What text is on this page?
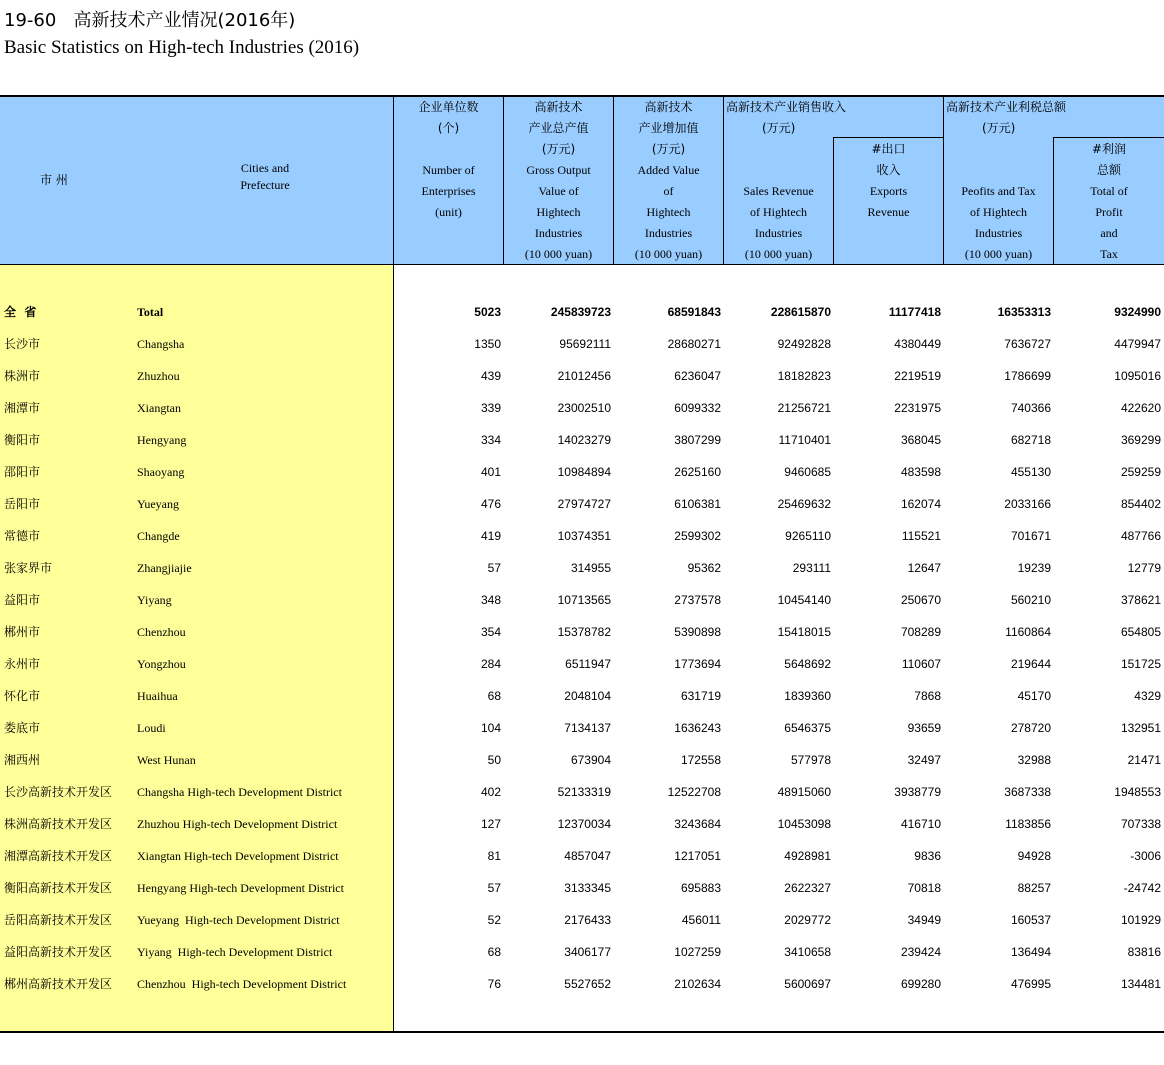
19-60   高新技术产业情况(2016年)
Basic Statistics on High-tech Industries (2016)
市 州
Cities and
Prefecture
企业单位数
(个)

Number of
Enterprises
(unit)
高新技术
产业总产值
(万元)
Gross Output
Value of
Hightech
Industries
(10 000 yuan)
高新技术
产业增加值
(万元)
Added Value
of
Hightech
Industries
(10 000 yuan)
高新技术产业销售收入
(万元)
Sales Revenue
of Hightech
Industries
(10 000 yuan)
#出口
收入
Exports
Revenue
高新技术产业利税总额
(万元)
Peofits and Tax
of Hightech
Industries
(10 000 yuan)
#利润
总额
Total of
Profit
and
Tax
全  省	Total	5023	245839723	68591843	228615870	11177418	16353313	9324990
长沙市	Changsha	1350	95692111	28680271	92492828	4380449	7636727	4479947
株洲市	Zhuzhou	439	21012456	6236047	18182823	2219519	1786699	1095016
湘潭市	Xiangtan	339	23002510	6099332	21256721	2231975	740366	422620
衡阳市	Hengyang	334	14023279	3807299	11710401	368045	682718	369299
邵阳市	Shaoyang	401	10984894	2625160	9460685	483598	455130	259259
岳阳市	Yueyang	476	27974727	6106381	25469632	162074	2033166	854402
常德市	Changde	419	10374351	2599302	9265110	115521	701671	487766
张家界市	Zhangjiajie	57	314955	95362	293111	12647	19239	12779
益阳市	Yiyang	348	10713565	2737578	10454140	250670	560210	378621
郴州市	Chenzhou	354	15378782	5390898	15418015	708289	1160864	654805
永州市	Yongzhou	284	6511947	1773694	5648692	110607	219644	151725
怀化市	Huaihua	68	2048104	631719	1839360	7868	45170	4329
娄底市	Loudi	104	7134137	1636243	6546375	93659	278720	132951
湘西州	West Hunan	50	673904	172558	577978	32497	32988	21471
长沙高新技术开发区 Changsha High-tech Development District	402	52133319	12522708	48915060	3938779	3687338	1948553
株洲高新技术开发区 Zhuzhou High-tech Development District	127	12370034	3243684	10453098	416710	1183856	707338
湘潭高新技术开发区 Xiangtan High-tech Development District	81	4857047	1217051	4928981	9836	94928	-3006
衡阳高新技术开发区 Hengyang High-tech Development District	57	3133345	695883	2622327	70818	88257	-24742
岳阳高新技术开发区 Yueyang  High-tech Development District	52	2176433	456011	2029772	34949	160537	101929
益阳高新技术开发区 Yiyang  High-tech Development District	68	3406177	1027259	3410658	239424	136494	83816
郴州高新技术开发区 Chenzhou  High-tech Development District	76	5527652	2102634	5600697	699280	476995	134481
